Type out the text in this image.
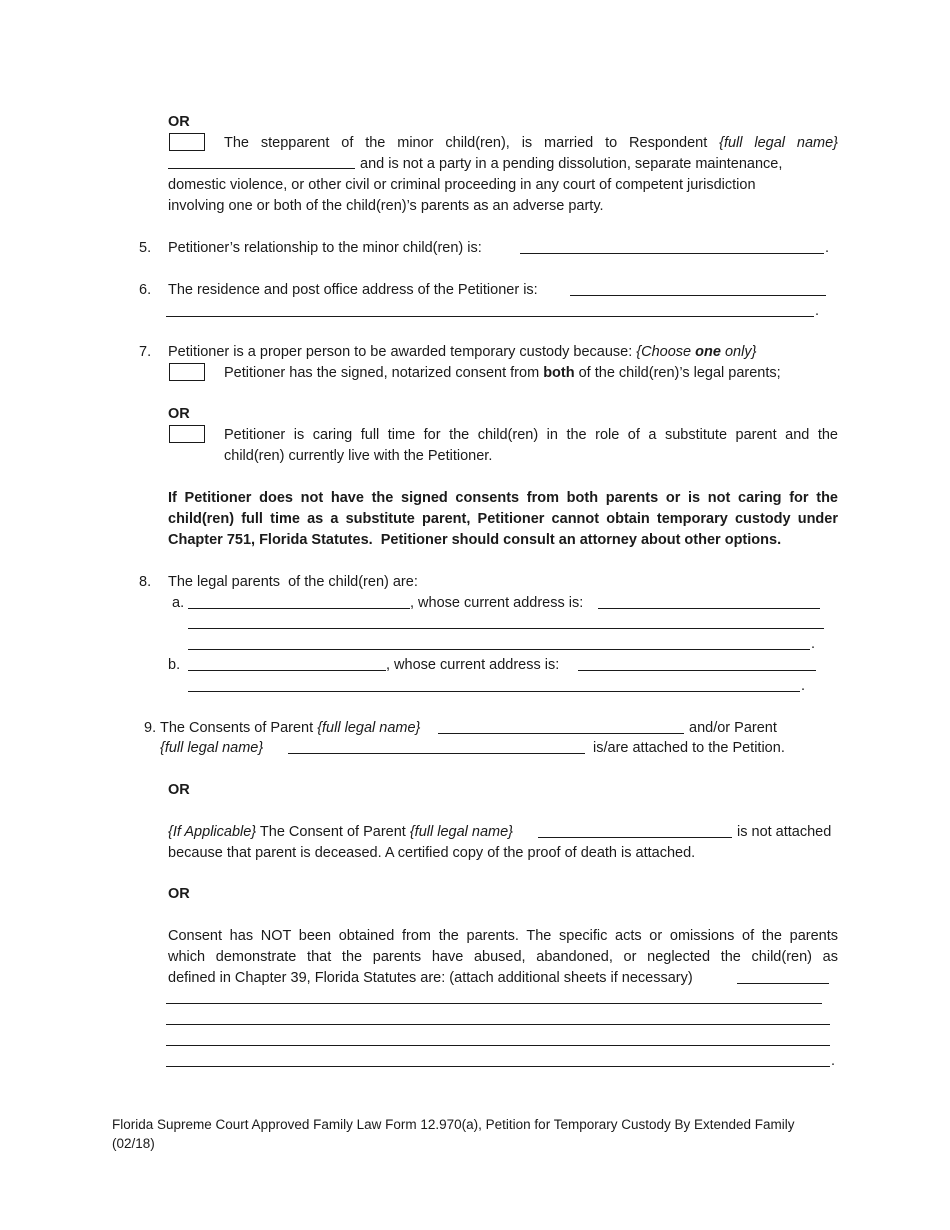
OR
The stepparent of the minor child(ren), is married to Respondent {full legal name}
and is not a party in a pending dissolution, separate maintenance,
domestic violence, or other civil or criminal proceeding in any court of competent jurisdiction
involving one or both of the child(ren)’s parents as an adverse party.
5. Petitioner’s relationship to the minor child(ren) is:	.
6. The residence and post office address of the Petitioner is:
.
7. Petitioner is a proper person to be awarded temporary custody because: {Choose one only}
Petitioner has the signed, notarized consent from both of the child(ren)’s legal parents;
OR
Petitioner is caring full time for the child(ren) in the role of a substitute parent and the
child(ren) currently live with the Petitioner.
If Petitioner does not have the signed consents from both parents or is not caring for the
child(ren) full time as a substitute parent, Petitioner cannot obtain temporary custody under
Chapter 751, Florida Statutes.  Petitioner should consult an attorney about other options.
8. The legal parents  of the child(ren) are:
a.	, whose current address is:
.
b.	, whose current address is:
.
9. The Consents of Parent {full legal name}	and/or Parent
{full legal name}	is/are attached to the Petition.
OR
{If Applicable} The Consent of Parent {full legal name}	is not attached
because that parent is deceased. A certified copy of the proof of death is attached.
OR
Consent has NOT been obtained from the parents. The specific acts or omissions of the parents
which demonstrate that the parents have abused, abandoned, or neglected the child(ren) as
defined in Chapter 39, Florida Statutes are: (attach additional sheets if necessary)
.
Florida Supreme Court Approved Family Law Form 12.970(a), Petition for Temporary Custody By Extended Family
(02/18)
